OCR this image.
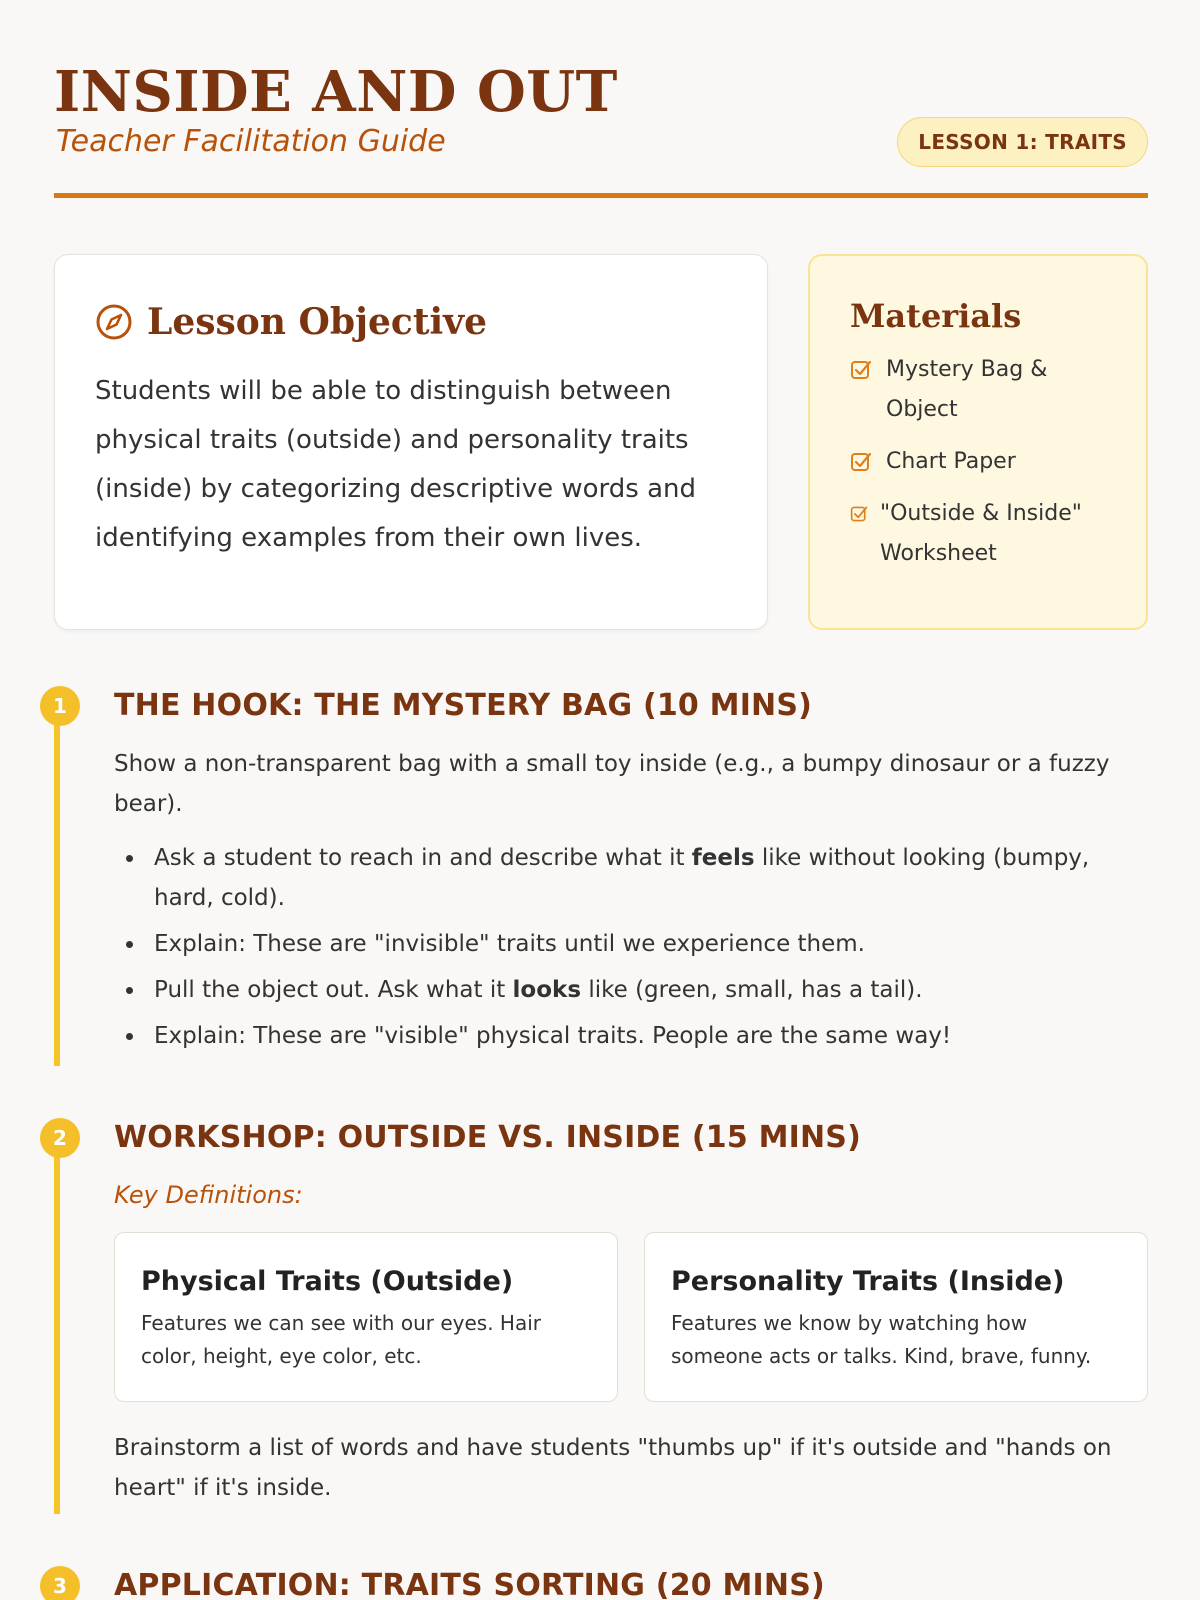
INSIDE AND OUT
Teacher Facilitation Guide	LESSON 1: TRAITS
Lesson Objective

Students will be able to distinguish between physical traits (outside) and personality traits (inside) by categorizing descriptive words and identifying examples from their own lives.

Materials
Mystery Bag & Object
Chart Paper
"Outside & Inside" Worksheet
1	THE HOOK: THE MYSTERY BAG (10 MINS)

Show a non-transparent bag with a small toy inside (e.g., a bumpy dinosaur or a fuzzy bear).

Ask a student to reach in and describe what it feels like without looking (bumpy, hard, cold).
Explain: These are "invisible" traits until we experience them.
Pull the object out. Ask what it looks like (green, small, has a tail).
Explain: These are "visible" physical traits. People are the same way!
2	WORKSHOP: OUTSIDE VS. INSIDE (15 MINS)
Key Definitions:
Physical Traits (Outside)
Features we can see with our eyes. Hair color, height, eye color, etc.
Personality Traits (Inside)
Features we know by watching how someone acts or talks. Kind, brave, funny.

Brainstorm a list of words and have students "thumbs up" if it's outside and "hands on heart" if it's inside.

3	APPLICATION: TRAITS SORTING (20 MINS)
